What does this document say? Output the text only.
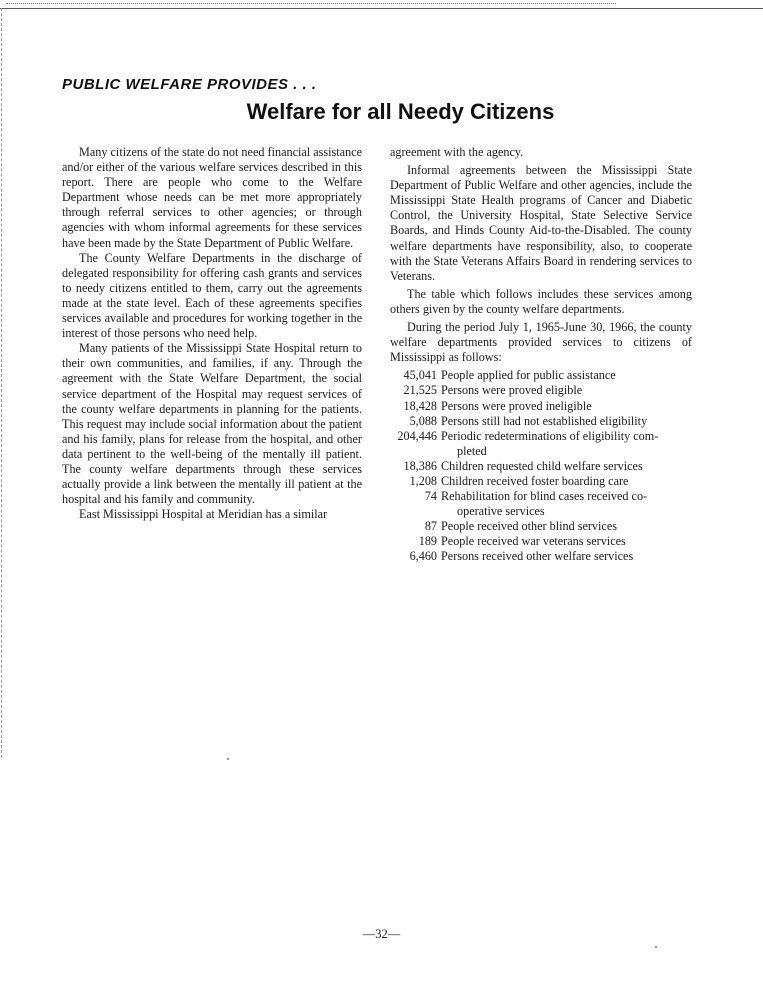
PUBLIC WELFARE PROVIDES . . .
Welfare for all Needy Citizens

Many citizens of the state do not need financial assistance and/or either of the various welfare services described in this report. There are people who come to the Welfare Department whose needs can be met more appropriately through referral services to other agencies; or through agencies with whom informal agreements for these services have been made by the State Department of Public Welfare.

The County Welfare Departments in the discharge of delegated responsibility for offering cash grants and services to needy citizens entitled to them, carry out the agreements made at the state level. Each of these agreements specifies services available and procedures for working together in the interest of those persons who need help.

Many patients of the Mississippi State Hospital return to their own communities, and families, if any. Through the agreement with the State Welfare Department, the social service department of the Hospital may request services of the county welfare departments in planning for the patients. This request may include social information about the patient and his family, plans for release from the hospital, and other data pertinent to the well-being of the mentally ill patient. The county welfare departments through these services actually provide a link between the mentally ill patient at the hospital and his family and community.

East Mississippi Hospital at Meridian has a similar

agreement with the agency.

Informal agreements between the Mississippi State Department of Public Welfare and other agencies, include the Mississippi State Health programs of Cancer and Diabetic Control, the University Hospital, State Selective Service Boards, and Hinds County Aid-to-the-Disabled. The county welfare departments have responsibility, also, to cooperate with the State Veterans Affairs Board in rendering services to Veterans.

The table which follows includes these services among others given by the county welfare departments.

During the period July 1, 1965-June 30, 1966, the county welfare departments provided services to citizens of Mississippi as follows:

45,041 People applied for public assistance
21,525 Persons were proved eligible
18,428 Persons were proved ineligible
5,088 Persons still had not established eligibility
204,446 Periodic redeterminations of eligibility com-
pleted
18,386 Children requested child welfare services
1,208 Children received foster boarding care
74 Rehabilitation for blind cases received co-
operative services
87 People received other blind services
189 People received war veterans services
6,460 Persons received other welfare services
—32—
